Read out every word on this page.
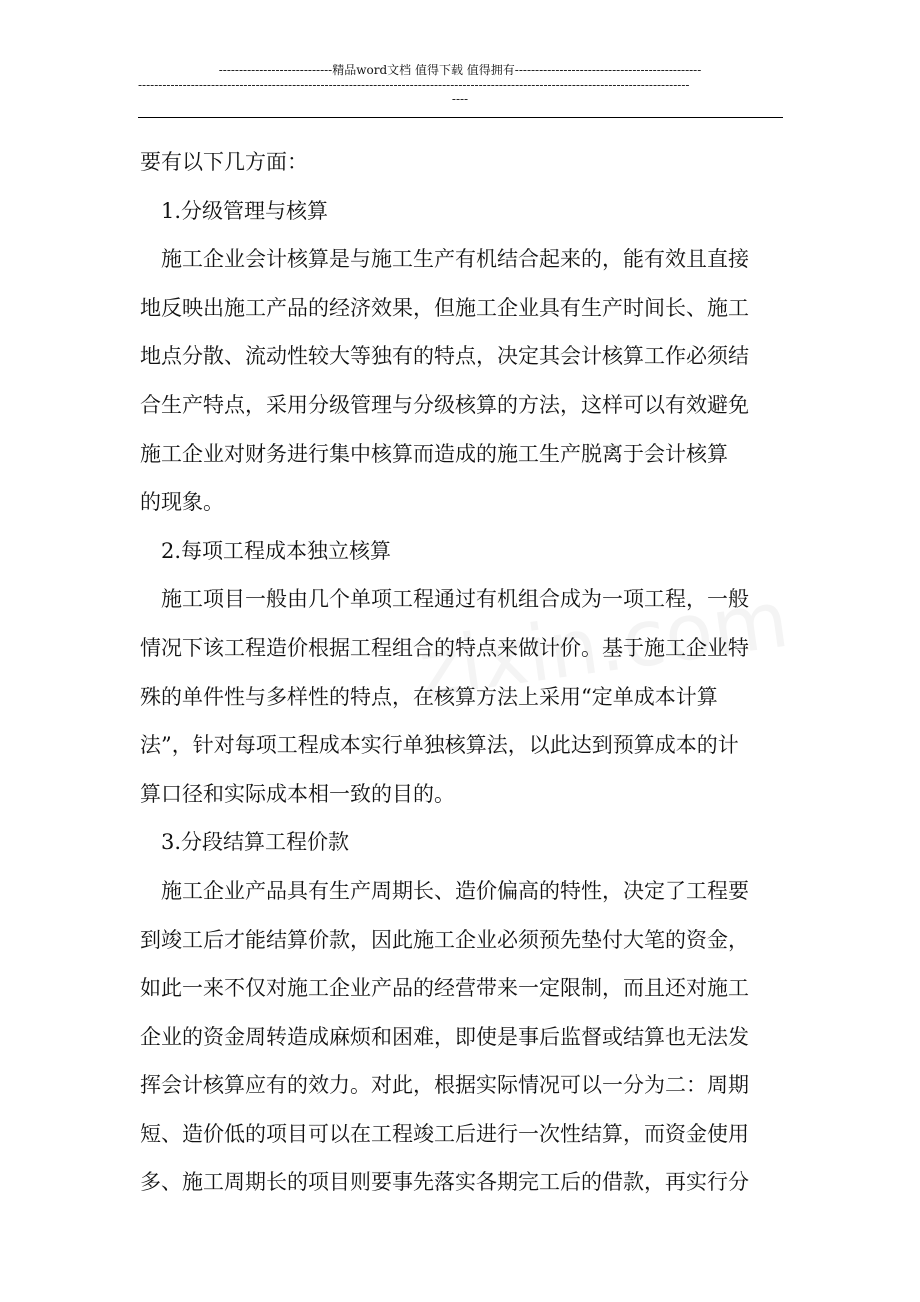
----------------------------精品word文档 值得下载 值得拥有----------------------------------------------
----------------------------------------------------------------------------------------------------------------------------------------
----
要有以下几方面：
1.分级管理与核算
施工企业会计核算是与施工生产有机结合起来的，能有效且直接
地反映出施工产品的经济效果，但施工企业具有生产时间长、施工
地点分散、流动性较大等独有的特点，决定其会计核算工作必须结
合生产特点，采用分级管理与分级核算的方法，这样可以有效避免
施工企业对财务进行集中核算而造成的施工生产脱离于会计核算
的现象。
2.每项工程成本独立核算
施工项目一般由几个单项工程通过有机组合成为一项工程，一般
情况下该工程造价根据工程组合的特点来做计价。基于施工企业特
殊的单件性与多样性的特点，在核算方法上采用“定单成本计算
法”，针对每项工程成本实行单独核算法，以此达到预算成本的计
算口径和实际成本相一致的目的。
3.分段结算工程价款
施工企业产品具有生产周期长、造价偏高的特性，决定了工程要
到竣工后才能结算价款，因此施工企业必须预先垫付大笔的资金，
如此一来不仅对施工企业产品的经营带来一定限制，而且还对施工
企业的资金周转造成麻烦和困难，即使是事后监督或结算也无法发
挥会计核算应有的效力。对此，根据实际情况可以一分为二：周期
短、造价低的项目可以在工程竣工后进行一次性结算，而资金使用
多、施工周期长的项目则要事先落实各期完工后的借款，再实行分
